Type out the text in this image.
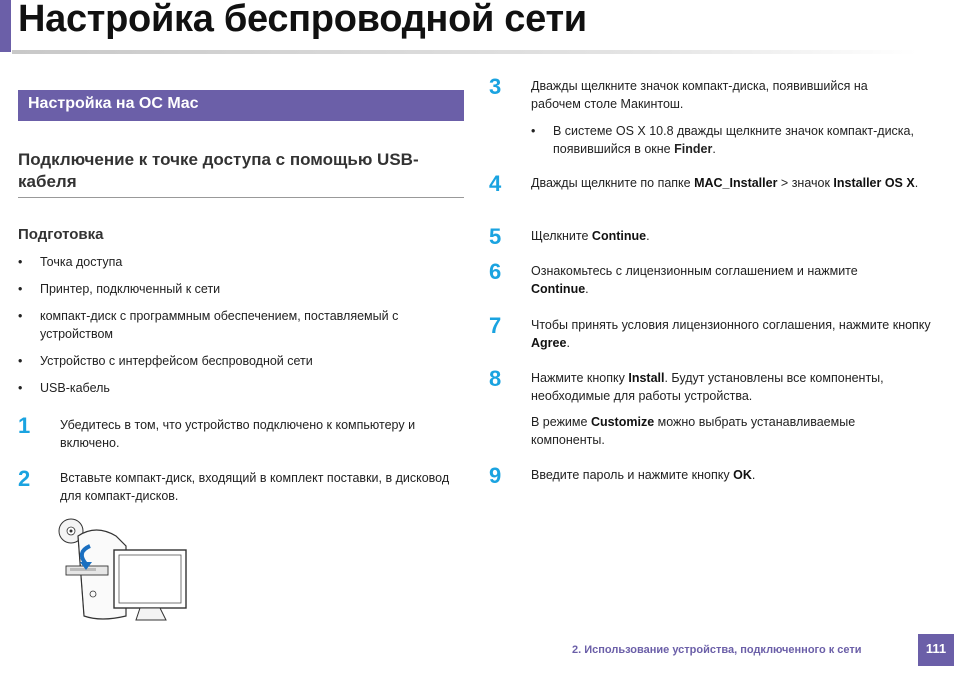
Настройка беспроводной сети
Настройка на ОС Mac
Подключение к точке доступа с помощью USB-кабеля
Подготовка
• Точка доступа
• Принтер, подключенный к сети
• компакт-диск с программным обеспечением, поставляемый с устройством
• Устройство с интерфейсом беспроводной сети
• USB-кабель
1 Убедитесь в том, что устройство подключено к компьютеру и включено.
2 Вставьте компакт-диск, входящий в комплект поставки, в дисковод для компакт-дисков.
3 Дважды щелкните значок компакт-диска, появившийся на рабочем столе Макинтош.
• В системе OS X 10.8 дважды щелкните значок компакт-диска, появившийся в окне Finder.
4 Дважды щелкните по папке MAC_Installer > значок Installer OS X.
5 Щелкните Continue.
6 Ознакомьтесь с лицензионным соглашением и нажмите Continue.
7 Чтобы принять условия лицензионного соглашения, нажмите кнопку Agree.
8 Нажмите кнопку Install. Будут установлены все компоненты, необходимые для работы устройства.
В режиме Customize можно выбрать устанавливаемые компоненты.
9 Введите пароль и нажмите кнопку OK.
2. Использование устройства, подключенного к сети	111
